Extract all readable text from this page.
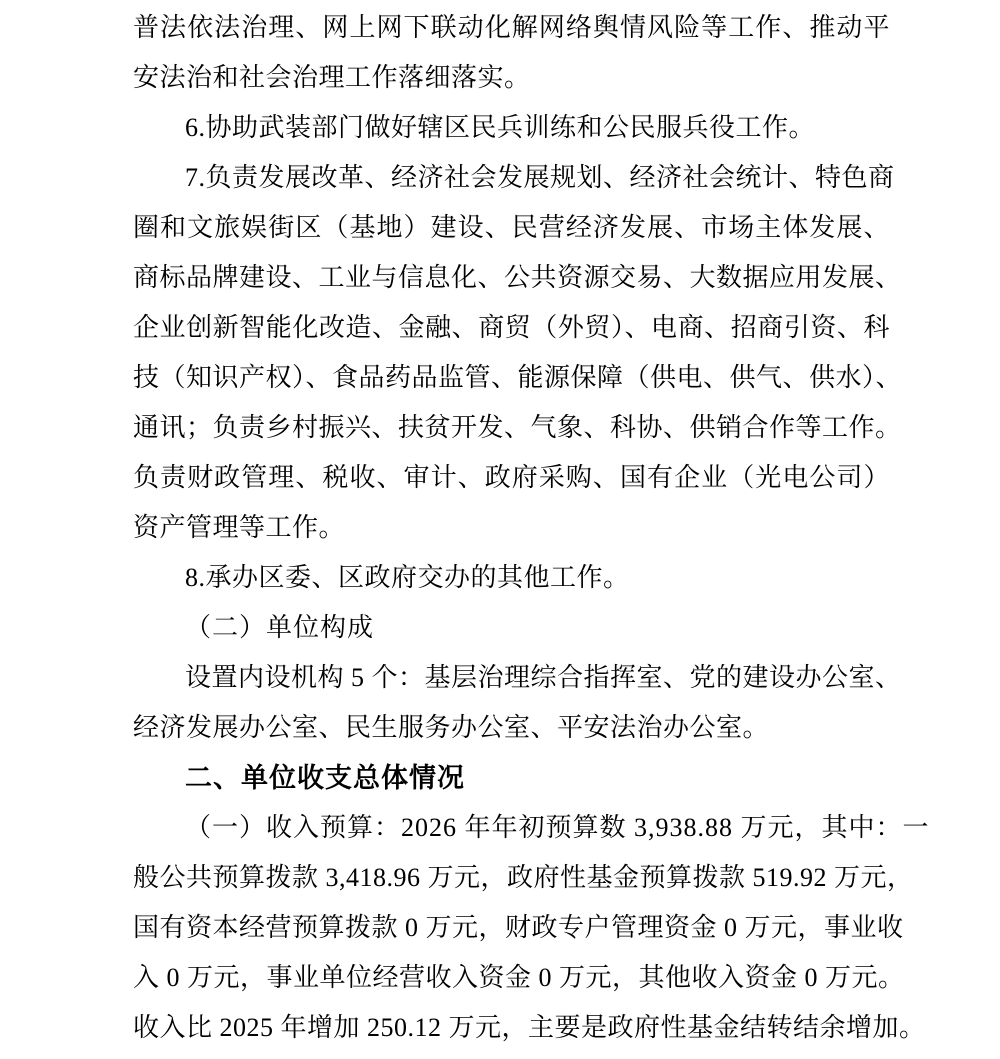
普法依法治理、网上网下联动化解网络舆情风险等工作、推动平
安法治和社会治理工作落细落实。
6.协助武装部门做好辖区民兵训练和公民服兵役工作。
7.负责发展改革、经济社会发展规划、经济社会统计、特色商
圈和文旅娱街区（基地）建设、民营经济发展、市场主体发展、
商标品牌建设、工业与信息化、公共资源交易、大数据应用发展、
企业创新智能化改造、金融、商贸（外贸）、电商、招商引资、科
技（知识产权）、食品药品监管、能源保障（供电、供气、供水）、
通讯；负责乡村振兴、扶贫开发、气象、科协、供销合作等工作。
负责财政管理、税收、审计、政府采购、国有企业（光电公司）
资产管理等工作。
8.承办区委、区政府交办的其他工作。
（二）单位构成
设置内设机构 5 个：基层治理综合指挥室、党的建设办公室、
经济发展办公室、民生服务办公室、平安法治办公室。
二、单位收支总体情况
（一）收入预算：2026 年年初预算数 3,938.88 万元，其中：一
般公共预算拨款 3,418.96 万元，政府性基金预算拨款 519.92 万元，
国有资本经营预算拨款 0 万元，财政专户管理资金 0 万元，事业收
入 0 万元，事业单位经营收入资金 0 万元，其他收入资金 0 万元。
收入比 2025 年增加 250.12 万元，主要是政府性基金结转结余增加。
